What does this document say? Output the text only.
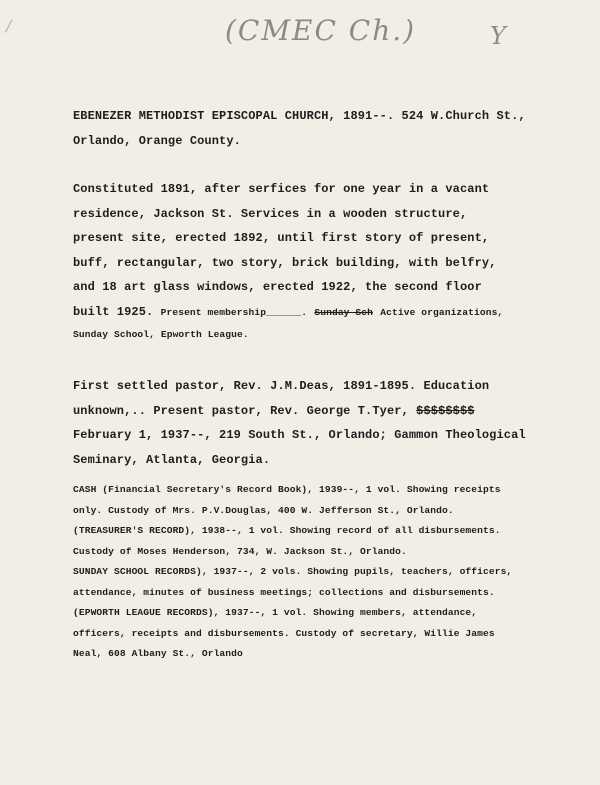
/	(CMEC Ch.)	Y
EBENEZER METHODIST EPISCOPAL CHURCH, 1891--. 524 W.Church St.,
Orlando, Orange County.
Constituted 1891, after serfices for one year in a vacant
residence, Jackson St. Services in a wooden structure,
present site, erected 1892, until first story of present,
buff, rectangular, two story, brick building, with belfry,
and 18 art glass windows, erected 1922, the second floor
built 1925. Present membership______. Sunday Sch Active organizations,
Sunday School, Epworth League.
First settled pastor, Rev. J.M.Deas, 1891-1895. Education
unknown,.. Present pastor, Rev. George T.Tyer, $$$$$$$$
February 1, 1937--, 219 South St., Orlando; Gammon Theological
Seminary, Atlanta, Georgia.
CASH (Financial Secretary's Record Book), 1939--, 1 vol. Showing receipts
only. Custody of Mrs. P.V.Douglas, 400 W. Jefferson St., Orlando.
(TREASURER'S RECORD), 1938--, 1 vol. Showing record of all disbursements.
Custody of Moses Henderson, 734, W. Jackson St., Orlando.
SUNDAY SCHOOL RECORDS), 1937--, 2 vols. Showing pupils, teachers, officers,
attendance, minutes of business meetings; collections and disbursements.
(EPWORTH LEAGUE RECORDS), 1937--, 1 vol. Showing members, attendance,
officers, receipts and disbursements. Custody of secretary, Willie James
Neal, 608 Albany St., Orlando
